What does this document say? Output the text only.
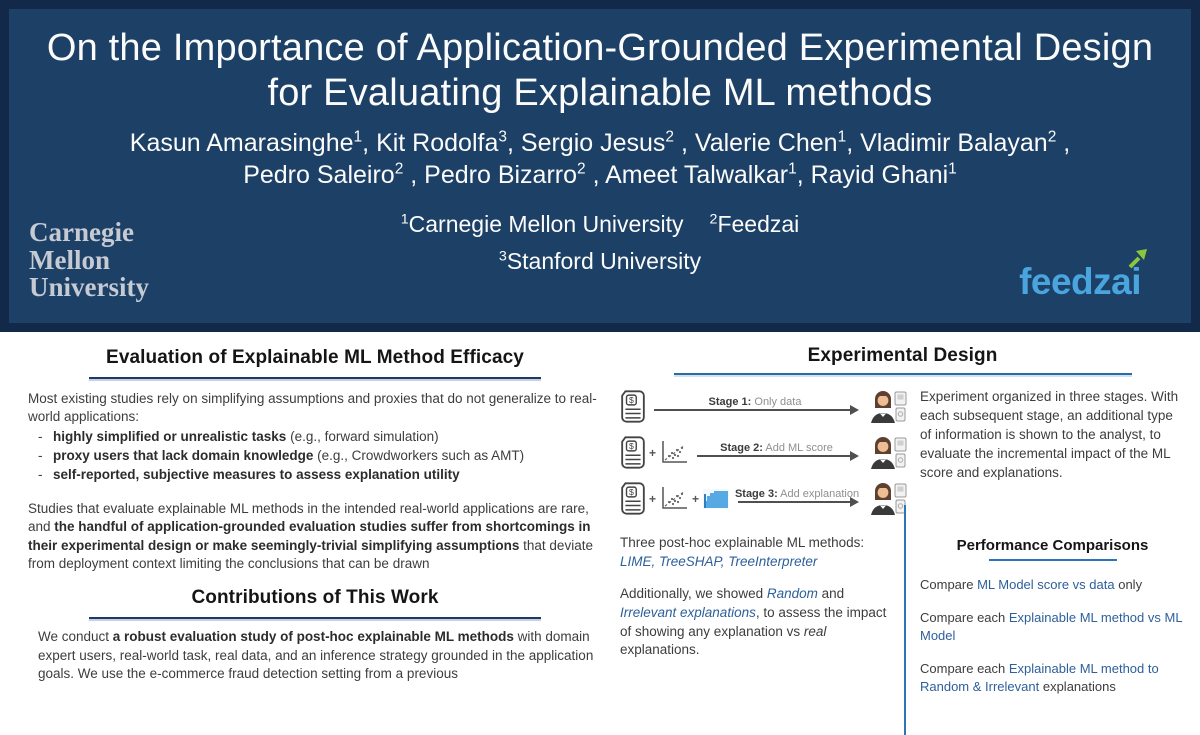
On the Importance of Application-Grounded Experimental Design
for Evaluating Explainable ML methods
Kasun Amarasinghe$^1$, Kit Rodolfa$^3$, Sergio Jesus$^2$ , Valerie Chen$^1$, Vladimir Balayan$^2$ ,
Pedro Saleiro$^2$ , Pedro Bizarro$^2$ , Ameet Talwalkar$^1$, Rayid Ghani$^1$
$^1$Carnegie Mellon University $^2$Feedzai
$^3$Stanford University
Carnegie
Mellon
University	feedzai
Evaluation of Explainable ML Method Efficacy
Most existing studies rely on simplifying assumptions and proxies that do not generalize to real-world applications:
- highly simplified or unrealistic tasks (e.g., forward simulation)
- proxy users that lack domain knowledge (e.g., Crowdworkers such as AMT)
- self-reported, subjective measures to assess explanation utility
Studies that evaluate explainable ML methods in the intended real-world applications are rare, and the handful of application-grounded evaluation studies suffer from shortcomings in their experimental design or make seemingly-trivial simplifying assumptions that deviate from deployment context limiting the conclusions that can be drawn
Contributions of This Work
We conduct a robust evaluation study of post-hoc explainable ML methods with domain expert users, real-world task, real data, and an inference strategy grounded in the application goals. We use the e-commerce fraud detection setting from a previous
Experimental Design
$	Stage 1: Only data
$ +	Stage 2: Add ML score
$ +	+	Stage 3: Add explanation
Experiment organized in three stages. With each subsequent stage, an additional type of information is shown to the analyst, to evaluate the incremental impact of the ML score and explanations.
Three post-hoc explainable ML methods:
LIME, TreeSHAP, TreeInterpreter
Additionally, we showed Random and Irrelevant explanations, to assess the impact of showing any explanation vs real explanations.
Performance Comparisons
Compare ML Model score vs data only
Compare each Explainable ML method vs ML Model
Compare each Explainable ML method to Random & Irrelevant explanations
